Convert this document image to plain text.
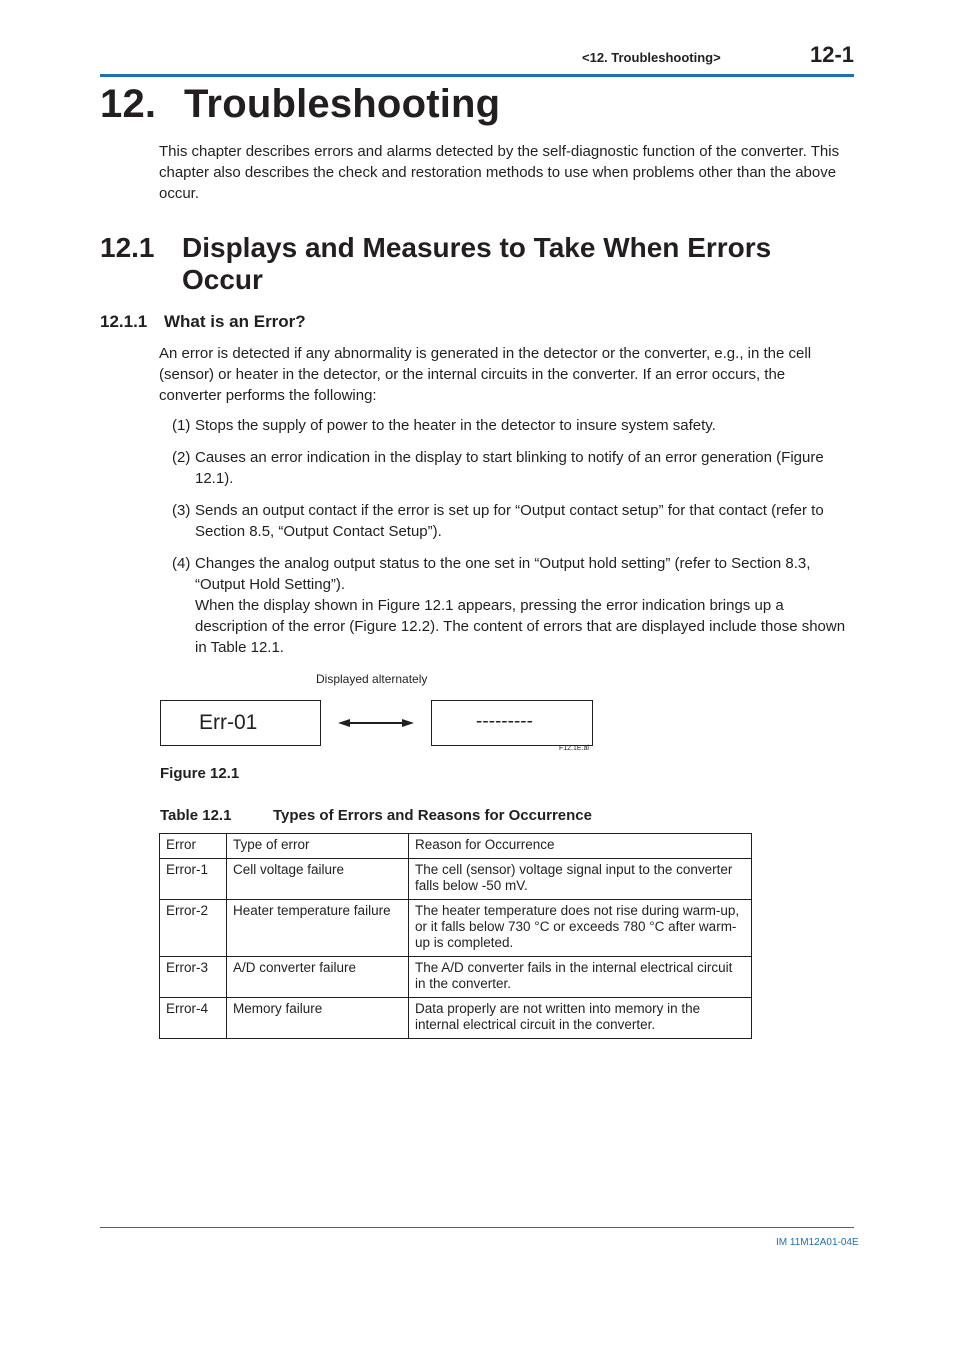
<12. Troubleshooting>	12-1
12. Troubleshooting
This chapter describes errors and alarms detected by the self-diagnostic function of the converter. This chapter also describes the check and restoration methods to use when problems other than the above occur.
12.1 Displays and Measures to Take When Errors Occur
12.1.1 What is an Error?
An error is detected if any abnormality is generated in the detector or the converter, e.g., in the cell (sensor) or heater in the detector, or the internal circuits in the converter. If an error occurs, the converter performs the following:
(1) Stops the supply of power to the heater in the detector to insure system safety.
(2) Causes an error indication in the display to start blinking to notify of an error generation (Figure 12.1).
(3) Sends an output contact if the error is set up for “Output contact setup” for that contact (refer to Section 8.5, “Output Contact Setup”).
(4) Changes the analog output status to the one set in “Output hold setting” (refer to Section 8.3, “Output Hold Setting”).
When the display shown in Figure 12.1 appears, pressing the error indication brings up a description of the error (Figure 12.2). The content of errors that are displayed include those shown in Table 12.1.
Displayed alternately
Err-01	---------
F12.1E.ai
Figure 12.1
Table 12.1	Types of Errors and Reasons for Occurrence
Error	Type of error	Reason for Occurrence
Error-1	Cell voltage failure	The cell (sensor) voltage signal input to the converter falls below -50 mV.
Error-2	Heater temperature failure	The heater temperature does not rise during warm-up, or it falls below 730 °C or exceeds 780 °C after warm-up is completed.
Error-3	A/D converter failure	The A/D converter fails in the internal electrical circuit in the converter.
Error-4	Memory failure	Data properly are not written into memory in the internal electrical circuit in the converter.
IM 11M12A01-04E
